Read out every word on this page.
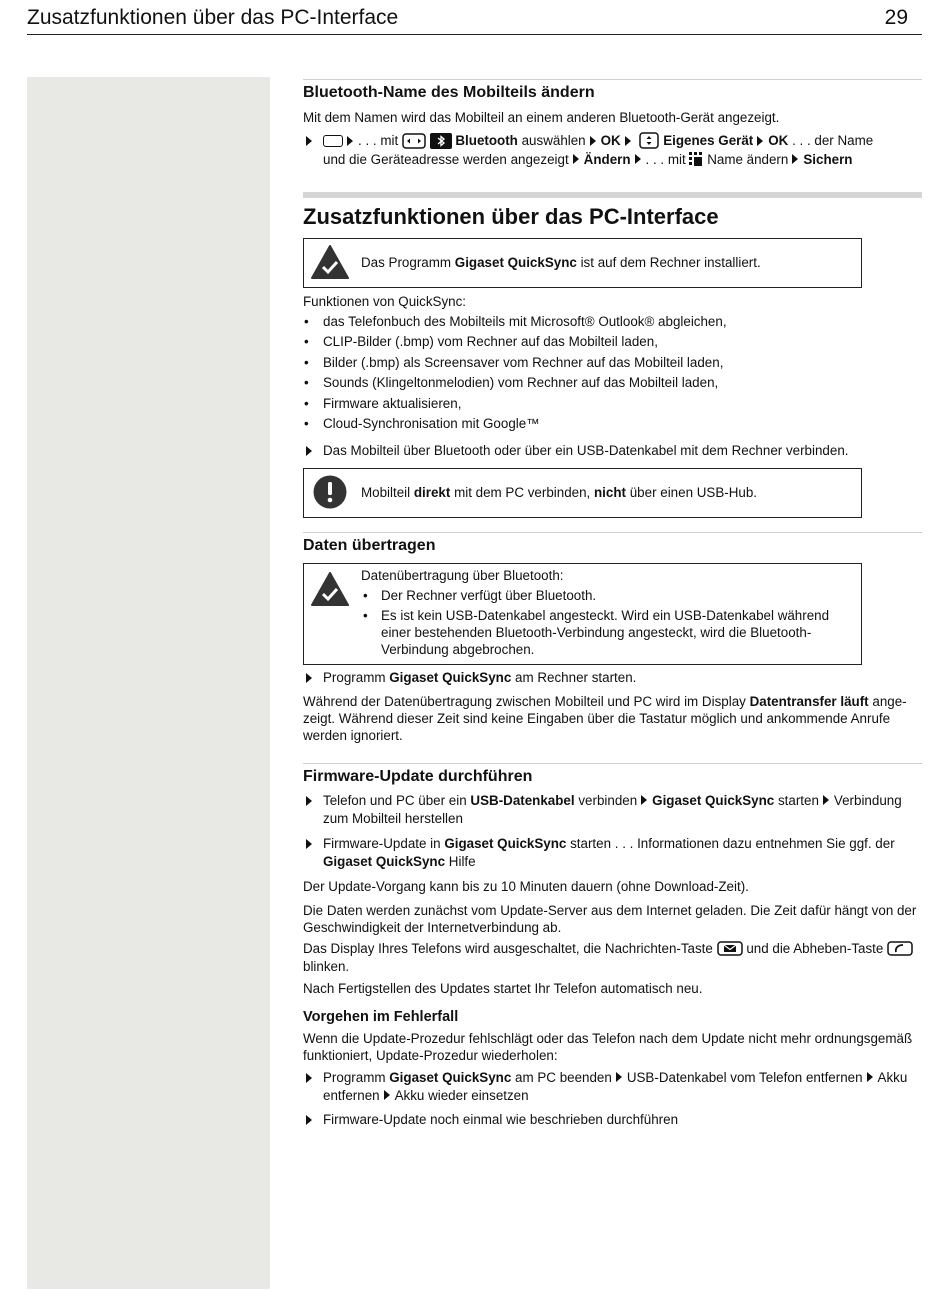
Zusatzfunktionen über das PC-Interface	29
Bluetooth-Name des Mobilteils ändern
Mit dem Namen wird das Mobilteil an einem anderen Bluetooth-Gerät angezeigt.
. . . mit	Bluetooth auswählen OK	Eigenes Gerät OK . . . der Name
und die Geräteadresse werden angezeigt Ändern . . . mit Name ändern Sichern
Zusatzfunktionen über das PC-Interface
Das Programm Gigaset QuickSync ist auf dem Rechner installiert.
Funktionen von QuickSync:
• das Telefonbuch des Mobilteils mit Microsoft® Outlook® abgleichen,
• CLIP-Bilder (.bmp) vom Rechner auf das Mobilteil laden,
• Bilder (.bmp) als Screensaver vom Rechner auf das Mobilteil laden,
• Sounds (Klingeltonmelodien) vom Rechner auf das Mobilteil laden,
• Firmware aktualisieren,
• Cloud-Synchronisation mit Google™
Das Mobilteil über Bluetooth oder über ein USB-Datenkabel mit dem Rechner verbinden.
Mobilteil direkt mit dem PC verbinden, nicht über einen USB-Hub.
Daten übertragen
Datenübertragung über Bluetooth:
• Der Rechner verfügt über Bluetooth.
• Es ist kein USB-Datenkabel angesteckt. Wird ein USB-Datenkabel während einer bestehenden Bluetooth-Verbindung angesteckt, wird die Bluetooth-Verbindung abgebrochen.
Programm Gigaset QuickSync am Rechner starten.
Während der Datenübertragung zwischen Mobilteil und PC wird im Display Datentransfer läuft ange-zeigt. Während dieser Zeit sind keine Eingaben über die Tastatur möglich und ankommende Anrufe werden ignoriert.
Firmware-Update durchführen
Telefon und PC über ein USB-Datenkabel verbinden Gigaset QuickSync starten Verbindung zum Mobilteil herstellen
Firmware-Update in Gigaset QuickSync starten . . . Informationen dazu entnehmen Sie ggf. der
Gigaset QuickSync Hilfe
Der Update-Vorgang kann bis zu 10 Minuten dauern (ohne Download-Zeit).
Die Daten werden zunächst vom Update-Server aus dem Internet geladen. Die Zeit dafür hängt von der Geschwindigkeit der Internetverbindung ab.
Das Display Ihres Telefons wird ausgeschaltet, die Nachrichten-Taste und die Abheben-Taste
blinken.
Nach Fertigstellen des Updates startet Ihr Telefon automatisch neu.
Vorgehen im Fehlerfall
Wenn die Update-Prozedur fehlschlägt oder das Telefon nach dem Update nicht mehr ordnungsgemäß funktioniert, Update-Prozedur wiederholen:
Programm Gigaset QuickSync am PC beenden USB-Datenkabel vom Telefon entfernen Akku entfernen Akku wieder einsetzen
Firmware-Update noch einmal wie beschrieben durchführen
